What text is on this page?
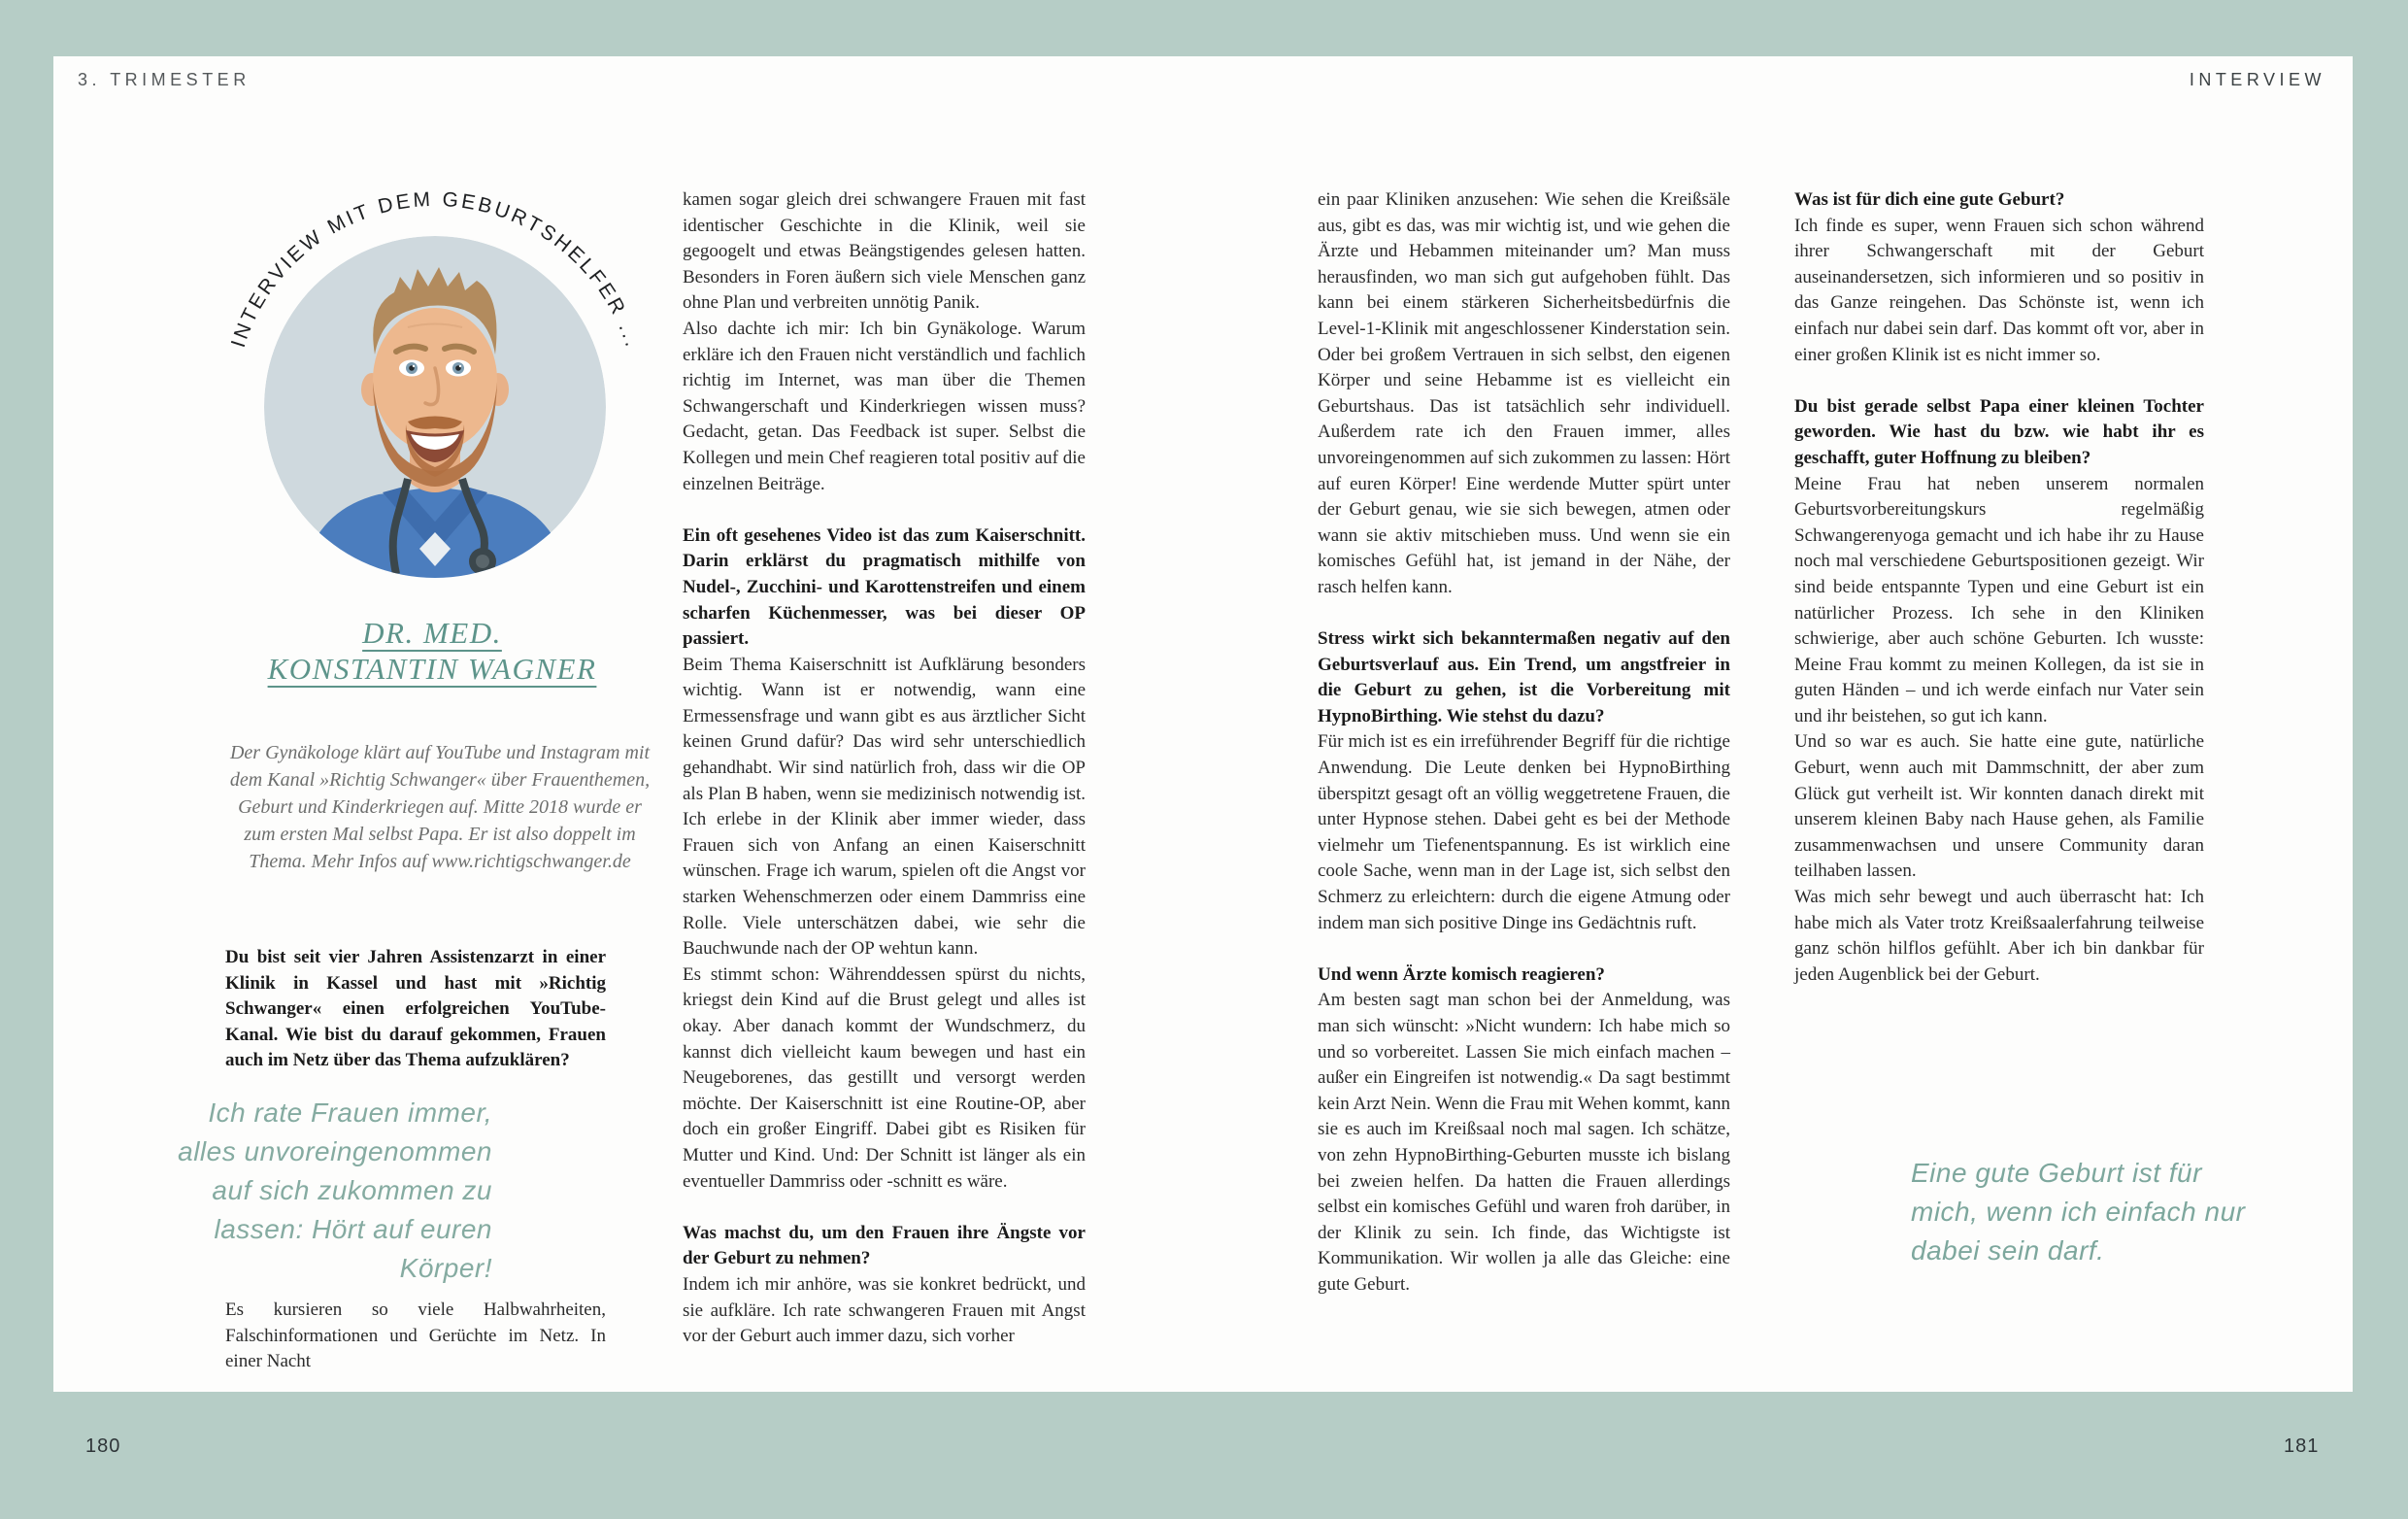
3. TRIMESTER	INTERVIEW
INTERVIEW MIT DEM GEBURTSHELFER ...
DR. MED.
KONSTANTIN WAGNER
Der Gynäkologe klärt auf YouTube und Instagram mit dem Kanal »Richtig Schwanger« über Frauenthemen, Geburt und Kinderkriegen auf. Mitte 2018 wurde er zum ersten Mal selbst Papa. Er ist also doppelt im Thema. Mehr Infos auf www.richtigschwanger.de

Du bist seit vier Jahren Assistenzarzt in einer Klinik in Kassel und hast mit »Richtig Schwanger« einen erfolgreichen YouTube-Kanal. Wie bist du darauf gekommen, Frauen auch im Netz über das Thema aufzuklären?

Ich rate Frauen immer, alles unvoreingenommen auf sich zukommen zu lassen: Hört auf euren Körper!

Es kursieren so viele Halbwahrheiten, Falschinformationen und Gerüchte im Netz. In einer Nacht

kamen sogar gleich drei schwangere Frauen mit fast identischer Geschichte in die Klinik, weil sie gegoogelt und etwas Beängstigendes gelesen hatten. Besonders in Foren äußern sich viele Menschen ganz ohne Plan und verbreiten unnötig Panik.

Also dachte ich mir: Ich bin Gynäkologe. Warum erkläre ich den Frauen nicht verständlich und fachlich richtig im Internet, was man über die Themen Schwangerschaft und Kinderkriegen wissen muss? Gedacht, getan. Das Feedback ist super. Selbst die Kollegen und mein Chef reagieren total positiv auf die einzelnen Beiträge.

Ein oft gesehenes Video ist das zum Kaiserschnitt. Darin erklärst du pragmatisch mithilfe von Nudel-, Zucchini- und Karottenstreifen und einem scharfen Küchenmesser, was bei dieser OP passiert.

Beim Thema Kaiserschnitt ist Aufklärung besonders wichtig. Wann ist er notwendig, wann eine Ermessensfrage und wann gibt es aus ärztlicher Sicht keinen Grund dafür? Das wird sehr unterschiedlich gehandhabt. Wir sind natürlich froh, dass wir die OP als Plan B haben, wenn sie medizinisch notwendig ist. Ich erlebe in der Klinik aber immer wieder, dass Frauen sich von Anfang an einen Kaiserschnitt wünschen. Frage ich warum, spielen oft die Angst vor starken Wehenschmerzen oder einem Dammriss eine Rolle. Viele unterschätzen dabei, wie sehr die Bauchwunde nach der OP wehtun kann.

Es stimmt schon: Währenddessen spürst du nichts, kriegst dein Kind auf die Brust gelegt und alles ist okay. Aber danach kommt der Wundschmerz, du kannst dich vielleicht kaum bewegen und hast ein Neugeborenes, das gestillt und versorgt werden möchte. Der Kaiserschnitt ist eine Routine-OP, aber doch ein großer Eingriff. Dabei gibt es Risiken für Mutter und Kind. Und: Der Schnitt ist länger als ein eventueller Dammriss oder -schnitt es wäre.

Was machst du, um den Frauen ihre Ängste vor der Geburt zu nehmen?

Indem ich mir anhöre, was sie konkret bedrückt, und sie aufkläre. Ich rate schwangeren Frauen mit Angst vor der Geburt auch immer dazu, sich vorher

ein paar Kliniken anzusehen: Wie sehen die Kreißsäle aus, gibt es das, was mir wichtig ist, und wie gehen die Ärzte und Hebammen miteinander um? Man muss herausfinden, wo man sich gut aufgehoben fühlt. Das kann bei einem stärkeren Sicherheitsbedürfnis die Level-1-Klinik mit angeschlossener Kinderstation sein. Oder bei großem Vertrauen in sich selbst, den eigenen Körper und seine Hebamme ist es vielleicht ein Geburtshaus. Das ist tatsächlich sehr individuell. Außerdem rate ich den Frauen immer, alles unvoreingenommen auf sich zukommen zu lassen: Hört auf euren Körper! Eine werdende Mutter spürt unter der Geburt genau, wie sie sich bewegen, atmen oder wann sie aktiv mitschieben muss. Und wenn sie ein komisches Gefühl hat, ist jemand in der Nähe, der rasch helfen kann.

Stress wirkt sich bekanntermaßen negativ auf den Geburtsverlauf aus. Ein Trend, um angstfreier in die Geburt zu gehen, ist die Vorbereitung mit HypnoBirthing. Wie stehst du dazu?

Für mich ist es ein irreführender Begriff für die richtige Anwendung. Die Leute denken bei HypnoBirthing überspitzt gesagt oft an völlig weggetretene Frauen, die unter Hypnose stehen. Dabei geht es bei der Methode vielmehr um Tiefenentspannung. Es ist wirklich eine coole Sache, wenn man in der Lage ist, sich selbst den Schmerz zu erleichtern: durch die eigene Atmung oder indem man sich positive Dinge ins Gedächtnis ruft.

Und wenn Ärzte komisch reagieren?

Am besten sagt man schon bei der Anmeldung, was man sich wünscht: »Nicht wundern: Ich habe mich so und so vorbereitet. Lassen Sie mich einfach machen – außer ein Eingreifen ist notwendig.« Da sagt bestimmt kein Arzt Nein. Wenn die Frau mit Wehen kommt, kann sie es auch im Kreißsaal noch mal sagen. Ich schätze, von zehn HypnoBirthing-Geburten musste ich bislang bei zweien helfen. Da hatten die Frauen allerdings selbst ein komisches Gefühl und waren froh darüber, in der Klinik zu sein. Ich finde, das Wichtigste ist Kommunikation. Wir wollen ja alle das Gleiche: eine gute Geburt.

Was ist für dich eine gute Geburt?

Ich finde es super, wenn Frauen sich schon während ihrer Schwangerschaft mit der Geburt auseinandersetzen, sich informieren und so positiv in das Ganze reingehen. Das Schönste ist, wenn ich einfach nur dabei sein darf. Das kommt oft vor, aber in einer großen Klinik ist es nicht immer so.

Du bist gerade selbst Papa einer kleinen Tochter geworden. Wie hast du bzw. wie habt ihr es geschafft, guter Hoffnung zu bleiben?

Meine Frau hat neben unserem normalen Geburtsvorbereitungskurs regelmäßig Schwangerenyoga gemacht und ich habe ihr zu Hause noch mal verschiedene Geburtspositionen gezeigt. Wir sind beide entspannte Typen und eine Geburt ist ein natürlicher Prozess. Ich sehe in den Kliniken schwierige, aber auch schöne Geburten. Ich wusste: Meine Frau kommt zu meinen Kollegen, da ist sie in guten Händen – und ich werde einfach nur Vater sein und ihr beistehen, so gut ich kann.

Und so war es auch. Sie hatte eine gute, natürliche Geburt, wenn auch mit Dammschnitt, der aber zum Glück gut verheilt ist. Wir konnten danach direkt mit unserem kleinen Baby nach Hause gehen, als Familie zusammenwachsen und unsere Community daran teilhaben lassen.

Was mich sehr bewegt und auch überrascht hat: Ich habe mich als Vater trotz Kreißsaalerfahrung teilweise ganz schön hilflos gefühlt. Aber ich bin dankbar für jeden Augenblick bei der Geburt.

Eine gute Geburt ist für mich, wenn ich einfach nur dabei sein darf.
180	181
